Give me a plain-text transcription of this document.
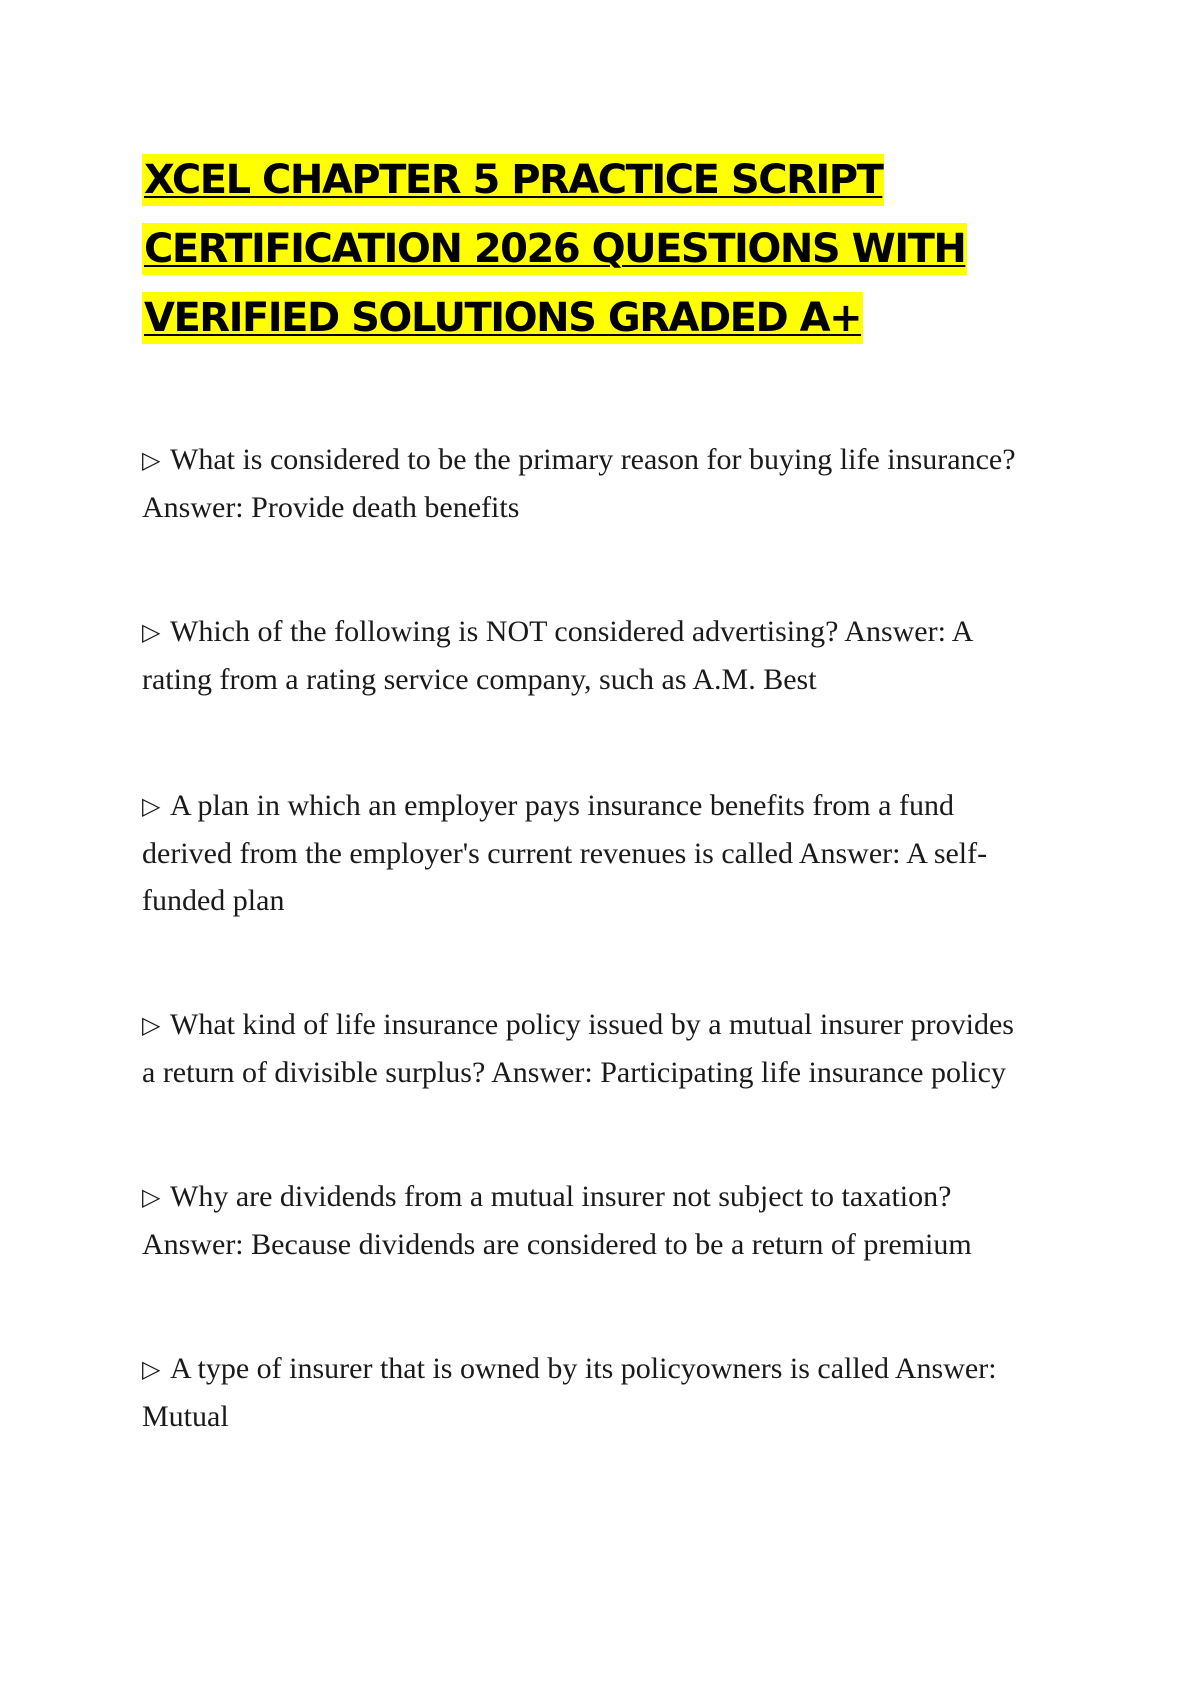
XCEL CHAPTER 5 PRACTICE SCRIPT
CERTIFICATION 2026 QUESTIONS WITH
VERIFIED SOLUTIONS GRADED A+
▷ What is considered to be the primary reason for buying life insurance?
Answer: Provide death benefits
▷ Which of the following is NOT considered advertising? Answer: A
rating from a rating service company, such as A.M. Best
▷ A plan in which an employer pays insurance benefits from a fund
derived from the employer's current revenues is called Answer: A self-
funded plan
▷ What kind of life insurance policy issued by a mutual insurer provides
a return of divisible surplus? Answer: Participating life insurance policy
▷ Why are dividends from a mutual insurer not subject to taxation?
Answer: Because dividends are considered to be a return of premium
▷ A type of insurer that is owned by its policyowners is called Answer:
Mutual
